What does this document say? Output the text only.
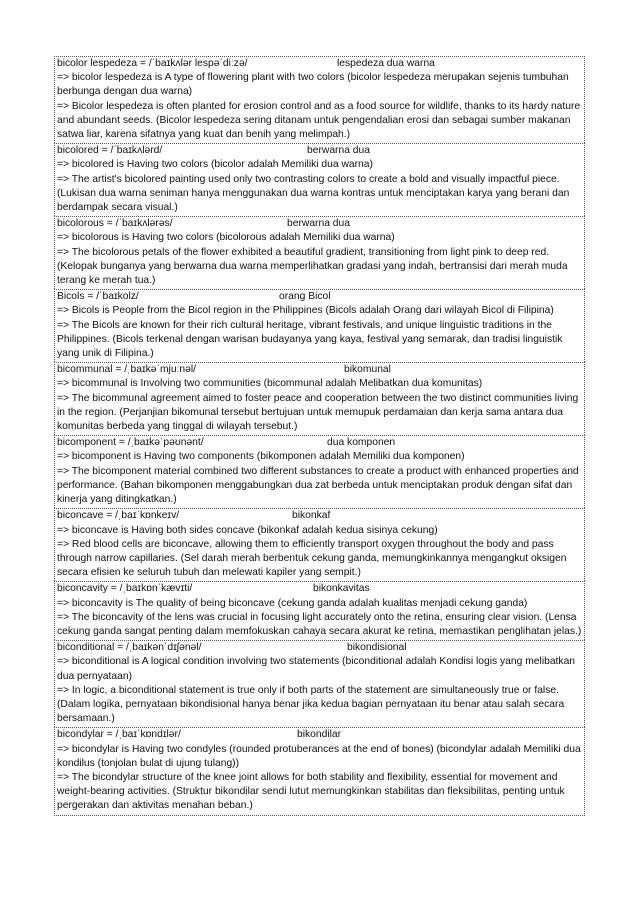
bicolor lespedeza = /ˈbaɪkʌlər lespəˈdiːzə/	lespedeza dua warna
=> bicolor lespedeza is A type of flowering plant with two colors (bicolor lespedeza merupakan sejenis tumbuhan berbunga dengan dua warna)
=> Bicolor lespedeza is often planted for erosion control and as a food source for wildlife, thanks to its hardy nature and abundant seeds. (Bicolor lespedeza sering ditanam untuk pengendalian erosi dan sebagai sumber makanan satwa liar, karena sifatnya yang kuat dan benih yang melimpah.)
bicolored = /ˈbaɪkʌlərd/	berwarna dua
=> bicolored is Having two colors (bicolor adalah Memiliki dua warna)
=> The artist's bicolored painting used only two contrasting colors to create a bold and visually impactful piece. (Lukisan dua warna seniman hanya menggunakan dua warna kontras untuk menciptakan karya yang berani dan berdampak secara visual.)
bicolorous = /ˈbaɪkʌlərəs/	berwarna dua
=> bicolorous is Having two colors (bicolorous adalah Memiliki dua warna)
=> The bicolorous petals of the flower exhibited a beautiful gradient, transitioning from light pink to deep red. (Kelopak bunganya yang berwarna dua warna memperlihatkan gradasi yang indah, bertransisi dari merah muda terang ke merah tua.)
Bicols = /ˈbaɪkolz/	orang Bicol
=> Bicols is People from the Bicol region in the Philippines (Bicols adalah Orang dari wilayah Bicol di Filipina)
=> The Bicols are known for their rich cultural heritage, vibrant festivals, and unique linguistic traditions in the Philippines. (Bicols terkenal dengan warisan budayanya yang kaya, festival yang semarak, dan tradisi linguistik yang unik di Filipina.)
bicommunal = /ˌbaɪkəˈmjuːnəl/	bikomunal
=> bicommunal is Involving two communities (bicommunal adalah Melibatkan dua komunitas)
=> The bicommunal agreement aimed to foster peace and cooperation between the two distinct communities living in the region. (Perjanjian bikomunal tersebut bertujuan untuk memupuk perdamaian dan kerja sama antara dua komunitas berbeda yang tinggal di wilayah tersebut.)
bicomponent = /ˌbaɪkəˈpəʊnənt/	dua komponen
=> bicomponent is Having two components (bikomponen adalah Memiliki dua komponen)
=> The bicomponent material combined two different substances to create a product with enhanced properties and performance. (Bahan bikomponen menggabungkan dua zat berbeda untuk menciptakan produk dengan sifat dan kinerja yang ditingkatkan.)
biconcave = /ˌbaɪˈkɒnkeɪv/	bikonkaf
=> biconcave is Having both sides concave (bikonkaf adalah kedua sisinya cekung)
=> Red blood cells are biconcave, allowing them to efficiently transport oxygen throughout the body and pass through narrow capillaries. (Sel darah merah berbentuk cekung ganda, memungkinkannya mengangkut oksigen secara efisien ke seluruh tubuh dan melewati kapiler yang sempit.)
biconcavity = /ˌbaɪkɒnˈkævɪti/	bikonkavitas
=> biconcavity is The quality of being biconcave (cekung ganda adalah kualitas menjadi cekung ganda)
=> The biconcavity of the lens was crucial in focusing light accurately onto the retina, ensuring clear vision. (Lensa cekung ganda sangat penting dalam memfokuskan cahaya secara akurat ke retina, memastikan penglihatan jelas.)
biconditional = /ˌbaɪkənˈdɪʃənəl/	bikondisional
=> biconditional is A logical condition involving two statements (biconditional adalah Kondisi logis yang melibatkan dua pernyataan)
=> In logic, a biconditional statement is true only if both parts of the statement are simultaneously true or false. (Dalam logika, pernyataan bikondisional hanya benar jika kedua bagian pernyataan itu benar atau salah secara bersamaan.)
bicondylar = /ˌbaɪˈkɒndɪlər/	bikondilar
=> bicondylar is Having two condyles (rounded protuberances at the end of bones) (bicondylar adalah Memiliki dua kondilus (tonjolan bulat di ujung tulang))
=> The bicondylar structure of the knee joint allows for both stability and flexibility, essential for movement and weight-bearing activities. (Struktur bikondilar sendi lutut memungkinkan stabilitas dan fleksibilitas, penting untuk pergerakan dan aktivitas menahan beban.)
